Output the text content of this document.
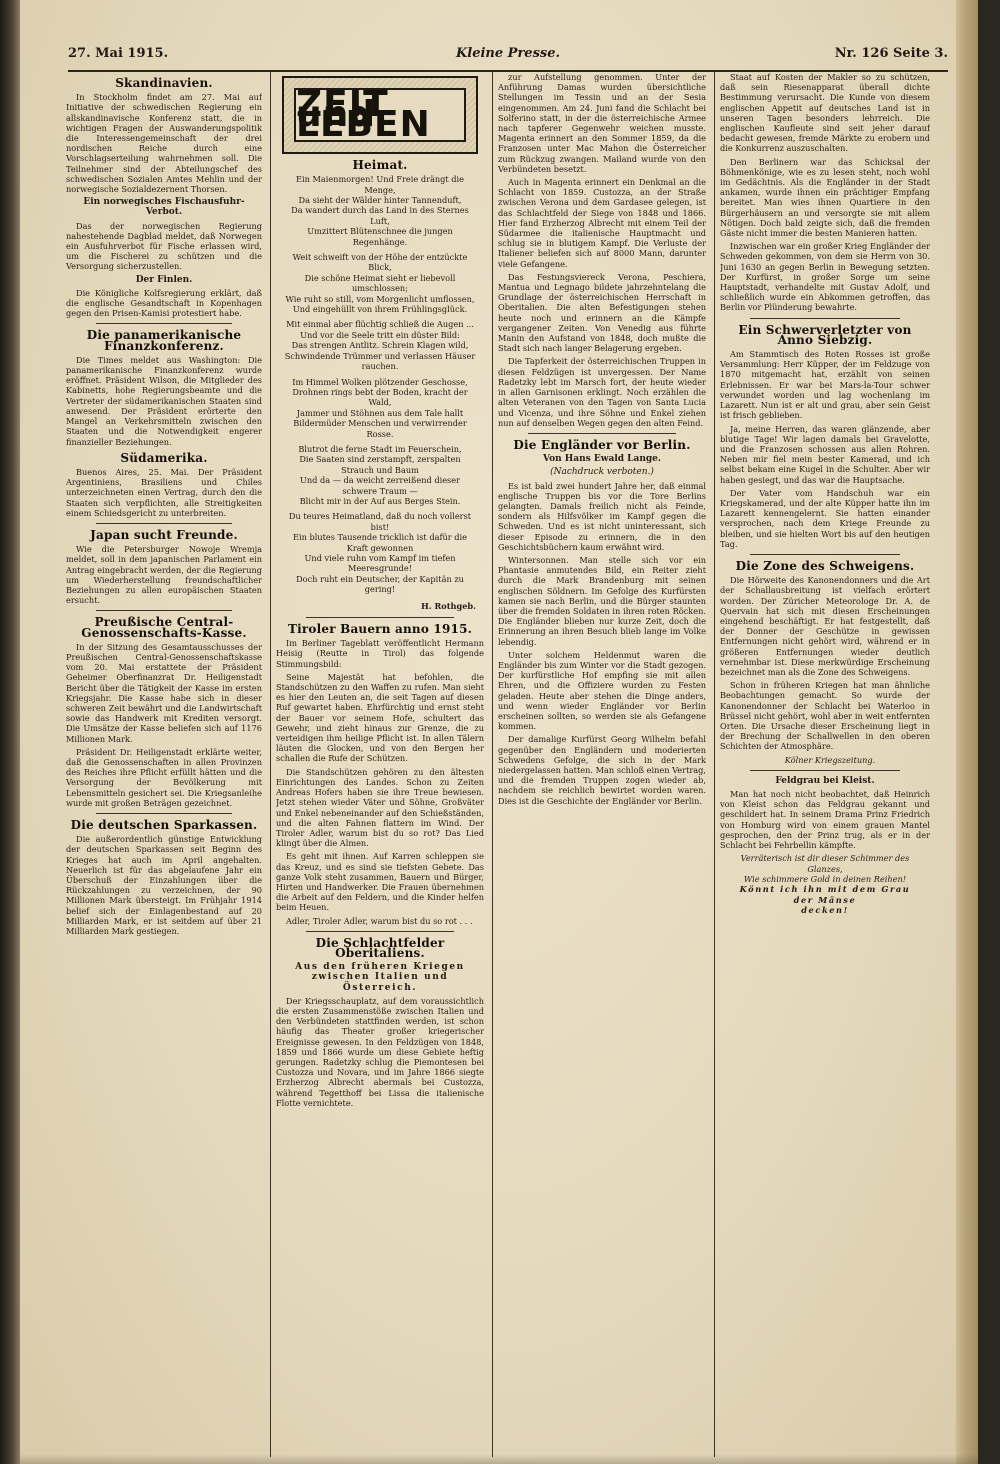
27. Mai 1915.	Kleine Presse.	Nr. 126 Seite 3.
Skandinavien.

In Stockholm findet am 27. Mai auf Initiative der schwedischen Regierung ein allskandinavische Konferenz statt, die in wichtigen Fragen der Auswanderungspolitik die Interessengemeinschaft der drei nordischen Reiche durch eine Vorschlagserteilung wahrnehmen soll. Die Teilnehmer sind der Abteilungschef des schwedischen Sozialen Amtes Mehlin und der norwegische Sozialdezernent Thorsen.

Ein norwegisches Fischausfuhr-Verbot.

Das der norwegischen Regierung nahestehende Dagblad meldet, daß Norwegen ein Ausfuhrverbot für Fische erlassen wird, um die Fischerei zu schützen und die Versorgung sicherzustellen.

Der Finlen.

Die Königliche Kolfsregierung erklärt, daß die englische Gesandtschaft in Kopenhagen gegen den Prisen-Kamisi protestiert habe.

Die panamerikanische Finanzkonferenz.

Die Times meldet aus Washington: Die panamerikanische Finanzkonferenz wurde eröffnet. Präsident Wilson, die Mitglieder des Kabinetts, hohe Regierungsbeamte und die Vertreter der südamerikanischen Staaten sind anwesend. Der Präsident erörterte den Mangel an Verkehrsmitteln zwischen den Staaten und die Notwendigkeit engerer finanzieller Beziehungen.

Südamerika.

Buenos Aires, 25. Mai. Der Präsident Argentiniens, Brasiliens und Chiles unterzeichneten einen Vertrag, durch den die Staaten sich verpflichten, alle Streitigkeiten einem Schiedsgericht zu unterbreiten.

Japan sucht Freunde.

Wie die Petersburger Nowoje Wremja meldet, soll in dem japanischen Parlament ein Antrag eingebracht werden, der die Regierung um Wiederherstellung freundschaftlicher Beziehungen zu allen europäischen Staaten ersucht.

Preußische Central-Genossenschafts-Kasse.

In der Sitzung des Gesamtausschusses der Preußischen Central-Genossenschaftskasse vom 20. Mai erstattete der Präsident Geheimer Oberfinanzrat Dr. Heiligenstadt Bericht über die Tätigkeit der Kasse im ersten Kriegsjahr. Die Kasse habe sich in dieser schweren Zeit bewährt und die Landwirtschaft sowie das Handwerk mit Krediten versorgt. Die Umsätze der Kasse beliefen sich auf 1176 Millionen Mark.

Präsident Dr. Heiligenstadt erklärte weiter, daß die Genossenschaften in allen Provinzen des Reiches ihre Pflicht erfüllt hätten und die Versorgung der Bevölkerung mit Lebensmitteln gesichert sei. Die Kriegsanleihe wurde mit großen Beträgen gezeichnet.

Die deutschen Sparkassen.

Die außerordentlich günstige Entwicklung der deutschen Sparkassen seit Beginn des Krieges hat auch im April angehalten. Neuerlich ist für das abgelaufene Jahr ein Überschuß der Einzahlungen über die Rückzahlungen zu verzeichnen, der 90 Millionen Mark übersteigt. Im Frühjahr 1914 belief sich der Einlagenbestand auf 20 Milliarden Mark, er ist seitdem auf über 21 Milliarden Mark gestiegen.

ZEIT und LEBEN
Heimat.
Ein Maienmorgen! Und Freie drängt die Menge,
Da sieht der Wälder hinter Tannenduft,
Da wandert durch das Land in des Sternes Luft,
Umzittert Blütenschnee die jungen Regenhänge.
Weit schweift von der Höhe der entzückte Blick,
Die schöne Heimat sieht er liebevoll umschlossen;
Wie ruht so still, vom Morgenlicht umflossen,
Und eingehüllt von ihrem Frühlingsglück.
Mit einmal aber flüchtig schließ die Augen ...
Und vor die Seele tritt ein düster Bild:
Das strengen Antlitz. Schrein Klagen wild,
Schwindende Trümmer und verlassen Häuser rauchen.
Im Himmel Wolken plötzender Geschosse,
Drohnen rings bebt der Boden, kracht der Wald,
Jammer und Stöhnen aus dem Tale hallt
Bildermüder Menschen und verwirrender Rosse.
Blutrot die ferne Stadt im Feuerschein,
Die Saaten sind zerstampft, zerspalten Strauch und Baum
Und da — da weicht zerreißend dieser schwere Traum —
Blicht mir in der Auf aus Berges Stein.
Du teures Heimatland, daß du noch vollerst bist!
Ein blutes Tausende tricklich ist dafür die Kraft gewonnen
Und viele ruhn vom Kampf im tiefen Meeresgrunde!
Doch ruht ein Deutscher, der Kapitän zu gering!
H. Rothgeb.
Tiroler Bauern anno 1915.

Im Berliner Tageblatt veröffentlicht Hermann Heisig (Reutte in Tirol) das folgende Stimmungsbild:

Seine Majestät hat befohlen, die Standschützen zu den Waffen zu rufen. Man sieht es hier den Leuten an, die seit Tagen auf diesen Ruf gewartet haben. Ehrfürchtig und ernst steht der Bauer vor seinem Hofe, schultert das Gewehr, und zieht hinaus zur Grenze, die zu verteidigen ihm heilige Pflicht ist. In allen Tälern läuten die Glocken, und von den Bergen her schallen die Rufe der Schützen.

Die Standschützen gehören zu den ältesten Einrichtungen des Landes. Schon zu Zeiten Andreas Hofers haben sie ihre Treue bewiesen. Jetzt stehen wieder Väter und Söhne, Großväter und Enkel nebeneinander auf den Schießständen, und die alten Fahnen flattern im Wind. Der Tiroler Adler, warum bist du so rot? Das Lied klingt über die Almen.

Es geht mit ihnen. Auf Karren schleppen sie das Kreuz, und es sind sie tiefsten Gebete. Das ganze Volk steht zusammen, Bauern und Bürger, Hirten und Handwerker. Die Frauen übernehmen die Arbeit auf den Feldern, und die Kinder helfen beim Heuen.

Adler, Tiroler Adler, warum bist du so rot . . .

Die Schlachtfelder Oberitaliens.
Aus den früheren Kriegen zwischen Italien und Österreich.

Der Kriegsschauplatz, auf dem voraussichtlich die ersten Zusammenstöße zwischen Italien und den Verbündeten stattfinden werden, ist schon häufig das Theater großer kriegerischer Ereignisse gewesen. In den Feldzügen von 1848, 1859 und 1866 wurde um diese Gebiete heftig gerungen. Radetzky schlug die Piemontesen bei Custozza und Novara, und im Jahre 1866 siegte Erzherzog Albrecht abermals bei Custozza, während Tegetthoff bei Lissa die italienische Flotte vernichtete.

zur Aufstellung genommen. Unter der Anführung Damas wurden übersichtliche Stellungen im Tessin und an der Sesia eingenommen. Am 24. Juni fand die Schlacht bei Solferino statt, in der die österreichische Armee nach tapferer Gegenwehr weichen musste. Magenta erinnert an den Sommer 1859, da die Franzosen unter Mac Mahon die Österreicher zum Rückzug zwangen. Mailand wurde von den Verbündeten besetzt.

Auch in Magenta erinnert ein Denkmal an die Schlacht von 1859. Custozza, an der Straße zwischen Verona und dem Gardasee gelegen, ist das Schlachtfeld der Siege von 1848 und 1866. Hier fand Erzherzog Albrecht mit einem Teil der Südarmee die italienische Hauptmacht und schlug sie in blutigem Kampf. Die Verluste der Italiener beliefen sich auf 8000 Mann, darunter viele Gefangene.

Das Festungsviereck Verona, Peschiera, Mantua und Legnago bildete jahrzehntelang die Grundlage der österreichischen Herrschaft in Oberitalien. Die alten Befestigungen stehen heute noch und erinnern an die Kämpfe vergangener Zeiten. Von Venedig aus führte Manin den Aufstand von 1848, doch mußte die Stadt sich nach langer Belagerung ergeben.

Die Tapferkeit der österreichischen Truppen in diesen Feldzügen ist unvergessen. Der Name Radetzky lebt im Marsch fort, der heute wieder in allen Garnisonen erklingt. Noch erzählen die alten Veteranen von den Tagen von Santa Lucia und Vicenza, und ihre Söhne und Enkel ziehen nun auf denselben Wegen gegen den alten Feind.

Die Engländer vor Berlin.
Von Hans Ewald Lange.
(Nachdruck verboten.)

Es ist bald zwei hundert Jahre her, daß einmal englische Truppen bis vor die Tore Berlins gelangten. Damals freilich nicht als Feinde, sondern als Hilfsvölker im Kampf gegen die Schweden. Und es ist nicht uninteressant, sich dieser Episode zu erinnern, die in den Geschichtsbüchern kaum erwähnt wird.

Wintersonnen. Man stelle sich vor ein Phantasie anmutendes Bild, ein Reiter zieht durch die Mark Brandenburg mit seinen englischen Söldnern. Im Gefolge des Kurfürsten kamen sie nach Berlin, und die Bürger staunten über die fremden Soldaten in ihren roten Röcken. Die Engländer blieben nur kurze Zeit, doch die Erinnerung an ihren Besuch blieb lange im Volke lebendig.

Unter solchem Heldenmut waren die Engländer bis zum Winter vor die Stadt gezogen. Der kurfürstliche Hof empfing sie mit allen Ehren, und die Offiziere wurden zu Festen geladen. Heute aber stehen die Dinge anders, und wenn wieder Engländer vor Berlin erscheinen sollten, so werden sie als Gefangene kommen.

Der damalige Kurfürst Georg Wilhelm befahl gegenüber den Engländern und moderierten Schwedens Gefolge, die sich in der Mark niedergelassen hatten. Man schloß einen Vertrag, und die fremden Truppen zogen wieder ab, nachdem sie reichlich bewirtet worden waren. Dies ist die Geschichte der Engländer vor Berlin.

Staat auf Kosten der Makler so zu schützen, daß sein Riesenapparat überall dichte Bestimmung verursacht. Die Kunde von diesem englischen Appetit auf deutsches Land ist in unseren Tagen besonders lehrreich. Die englischen Kaufleute sind seit jeher darauf bedacht gewesen, fremde Märkte zu erobern und die Konkurrenz auszuschalten.

Den Berlinern war das Schicksal der Böhmenkönige, wie es zu lesen steht, noch wohl im Gedächtnis. Als die Engländer in der Stadt ankamen, wurde ihnen ein prächtiger Empfang bereitet. Man wies ihnen Quartiere in den Bürgerhäusern an und versorgte sie mit allem Nötigen. Doch bald zeigte sich, daß die fremden Gäste nicht immer die besten Manieren hatten.

Inzwischen war ein großer Krieg Engländer der Schweden gekommen, von dem sie Herrn von 30. Juni 1630 an gegen Berlin in Bewegung setzten. Der Kurfürst, in großer Sorge um seine Hauptstadt, verhandelte mit Gustav Adolf, und schließlich wurde ein Abkommen getroffen, das Berlin vor Plünderung bewahrte.

Ein Schwerverletzter von Anno Siebzig.

Am Stammtisch des Roten Rosses ist große Versammlung: Herr Küpper, der im Feldzuge von 1870 mitgemacht hat, erzählt von seinen Erlebnissen. Er war bei Mars-la-Tour schwer verwundet worden und lag wochenlang im Lazarett. Nun ist er alt und grau, aber sein Geist ist frisch geblieben.

Ja, meine Herren, das waren glänzende, aber blutige Tage! Wir lagen damals bei Gravelotte, und die Franzosen schossen aus allen Rohren. Neben mir fiel mein bester Kamerad, und ich selbst bekam eine Kugel in die Schulter. Aber wir haben gesiegt, und das war die Hauptsache.

Der Vater vom Handschuh war ein Kriegskamerad, und der alte Küpper hatte ihn im Lazarett kennengelernt. Sie hatten einander versprochen, nach dem Kriege Freunde zu bleiben, und sie hielten Wort bis auf den heutigen Tag.

Die Zone des Schweigens.

Die Hörweite des Kanonendonners und die Art der Schallausbreitung ist vielfach erörtert worden. Der Züricher Meteorologe Dr. A. de Quervain hat sich mit diesen Erscheinungen eingehend beschäftigt. Er hat festgestellt, daß der Donner der Geschütze in gewissen Entfernungen nicht gehört wird, während er in größeren Entfernungen wieder deutlich vernehmbar ist. Diese merkwürdige Erscheinung bezeichnet man als die Zone des Schweigens.

Schon in früheren Kriegen hat man ähnliche Beobachtungen gemacht. So wurde der Kanonendonner der Schlacht bei Waterloo in Brüssel nicht gehört, wohl aber in weit entfernten Orten. Die Ursache dieser Erscheinung liegt in der Brechung der Schallwellen in den oberen Schichten der Atmosphäre.

Kölner Kriegszeitung.

Feldgrau bei Kleist.

Man hat noch nicht beobachtet, daß Heinrich von Kleist schon das Feldgrau gekannt und geschildert hat. In seinem Drama Prinz Friedrich von Homburg wird von einem grauen Mantel gesprochen, den der Prinz trug, als er in der Schlacht bei Fehrbellin kämpfte.

Verräterisch ist dir dieser Schimmer des Glanzes,
Wie schimmere Gold in deinen Reihen!
Könnt ich ihn mit dem Grau der Mänse
decken!
